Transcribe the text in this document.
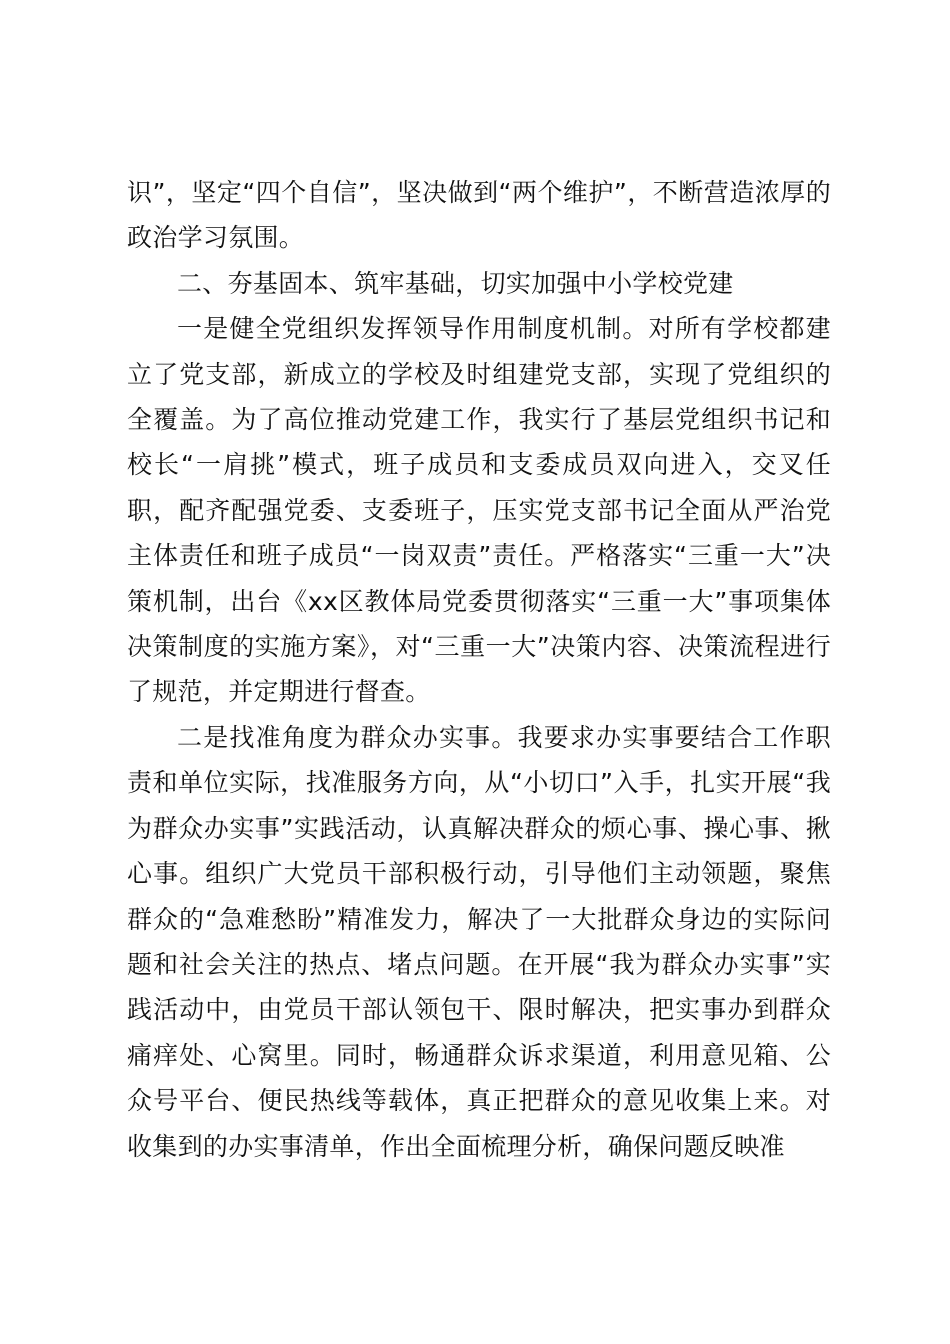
识”，坚定“四个自信”，坚决做到“两个维护”，不断营造浓厚的政治学习氛围。

二、夯基固本、筑牢基础，切实加强中小学校党建

一是健全党组织发挥领导作用制度机制。对所有学校都建立了党支部，新成立的学校及时组建党支部，实现了党组织的全覆盖。为了高位推动党建工作，我实行了基层党组织书记和校长“一肩挑”模式，班子成员和支委成员双向进入，交叉任职，配齐配强党委、支委班子，压实党支部书记全面从严治党主体责任和班子成员“一岗双责”责任。严格落实“三重一大”决策机制，出台《xx区教体局党委贯彻落实“三重一大”事项集体决策制度的实施方案》，对“三重一大”决策内容、决策流程进行了规范，并定期进行督查。

二是找准角度为群众办实事。我要求办实事要结合工作职责和单位实际，找准服务方向，从“小切口”入手，扎实开展“我为群众办实事”实践活动，认真解决群众的烦心事、操心事、揪心事。组织广大党员干部积极行动，引导他们主动领题，聚焦群众的“急难愁盼”精准发力，解决了一大批群众身边的实际问题和社会关注的热点、堵点问题。在开展“我为群众办实事”实践活动中，由党员干部认领包干、限时解决，把实事办到群众痛痒处、心窝里。同时，畅通群众诉求渠道，利用意见箱、公众号平台、便民热线等载体，真正把群众的意见收集上来。对收集到的办实事清单，作出全面梳理分析，确保问题反映准
